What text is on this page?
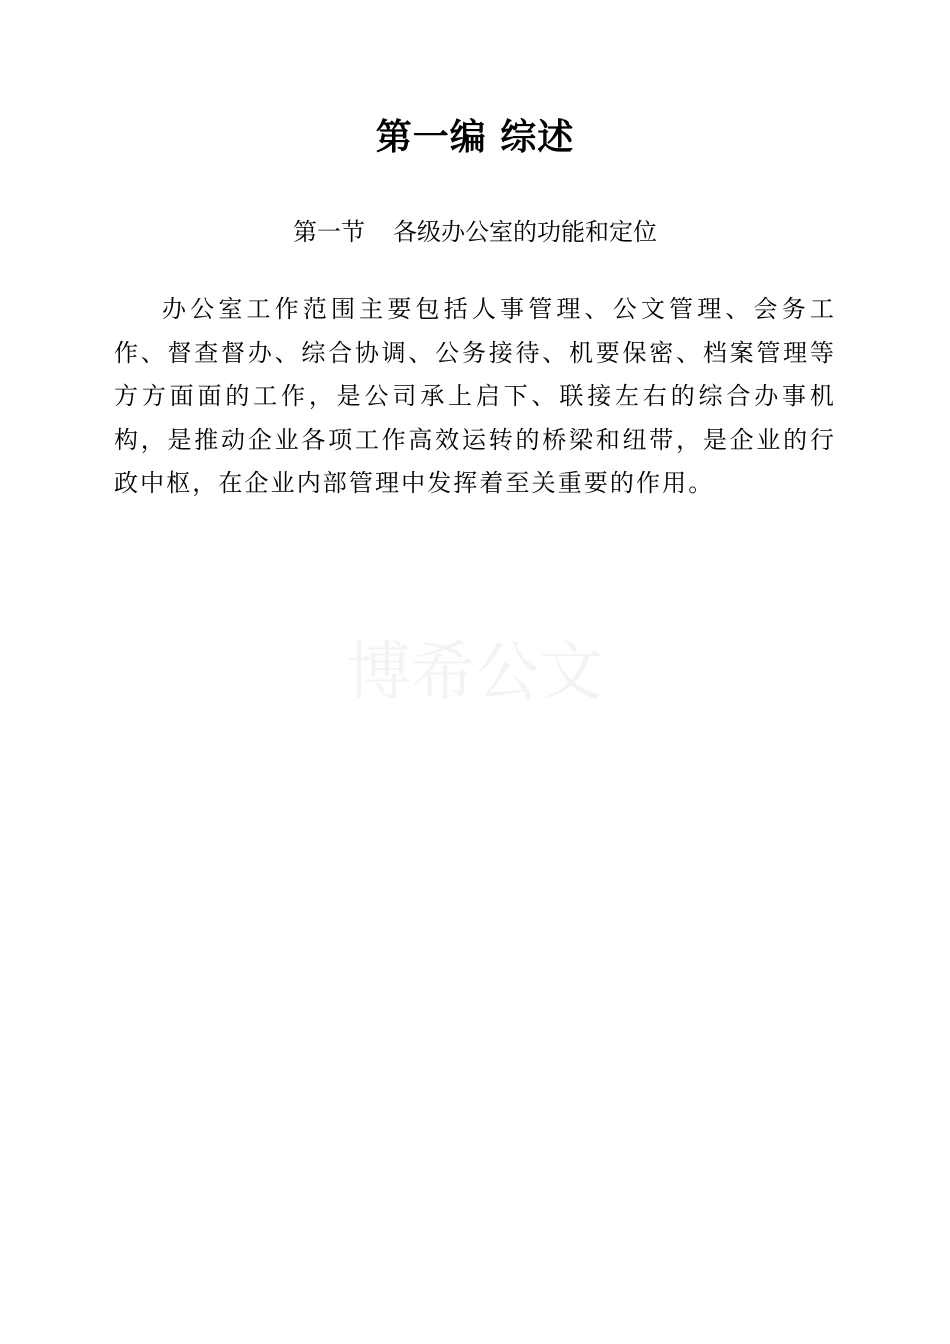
博希公文
第一编 综述
第一节 各级办公室的功能和定位

办公室工作范围主要包括人事管理、公文管理、会务工作、督查督办、综合协调、公务接待、机要保密、档案管理等方方面面的工作，是公司承上启下、联接左右的综合办事机构，是推动企业各项工作高效运转的桥梁和纽带，是企业的行政中枢，在企业内部管理中发挥着至关重要的作用。
